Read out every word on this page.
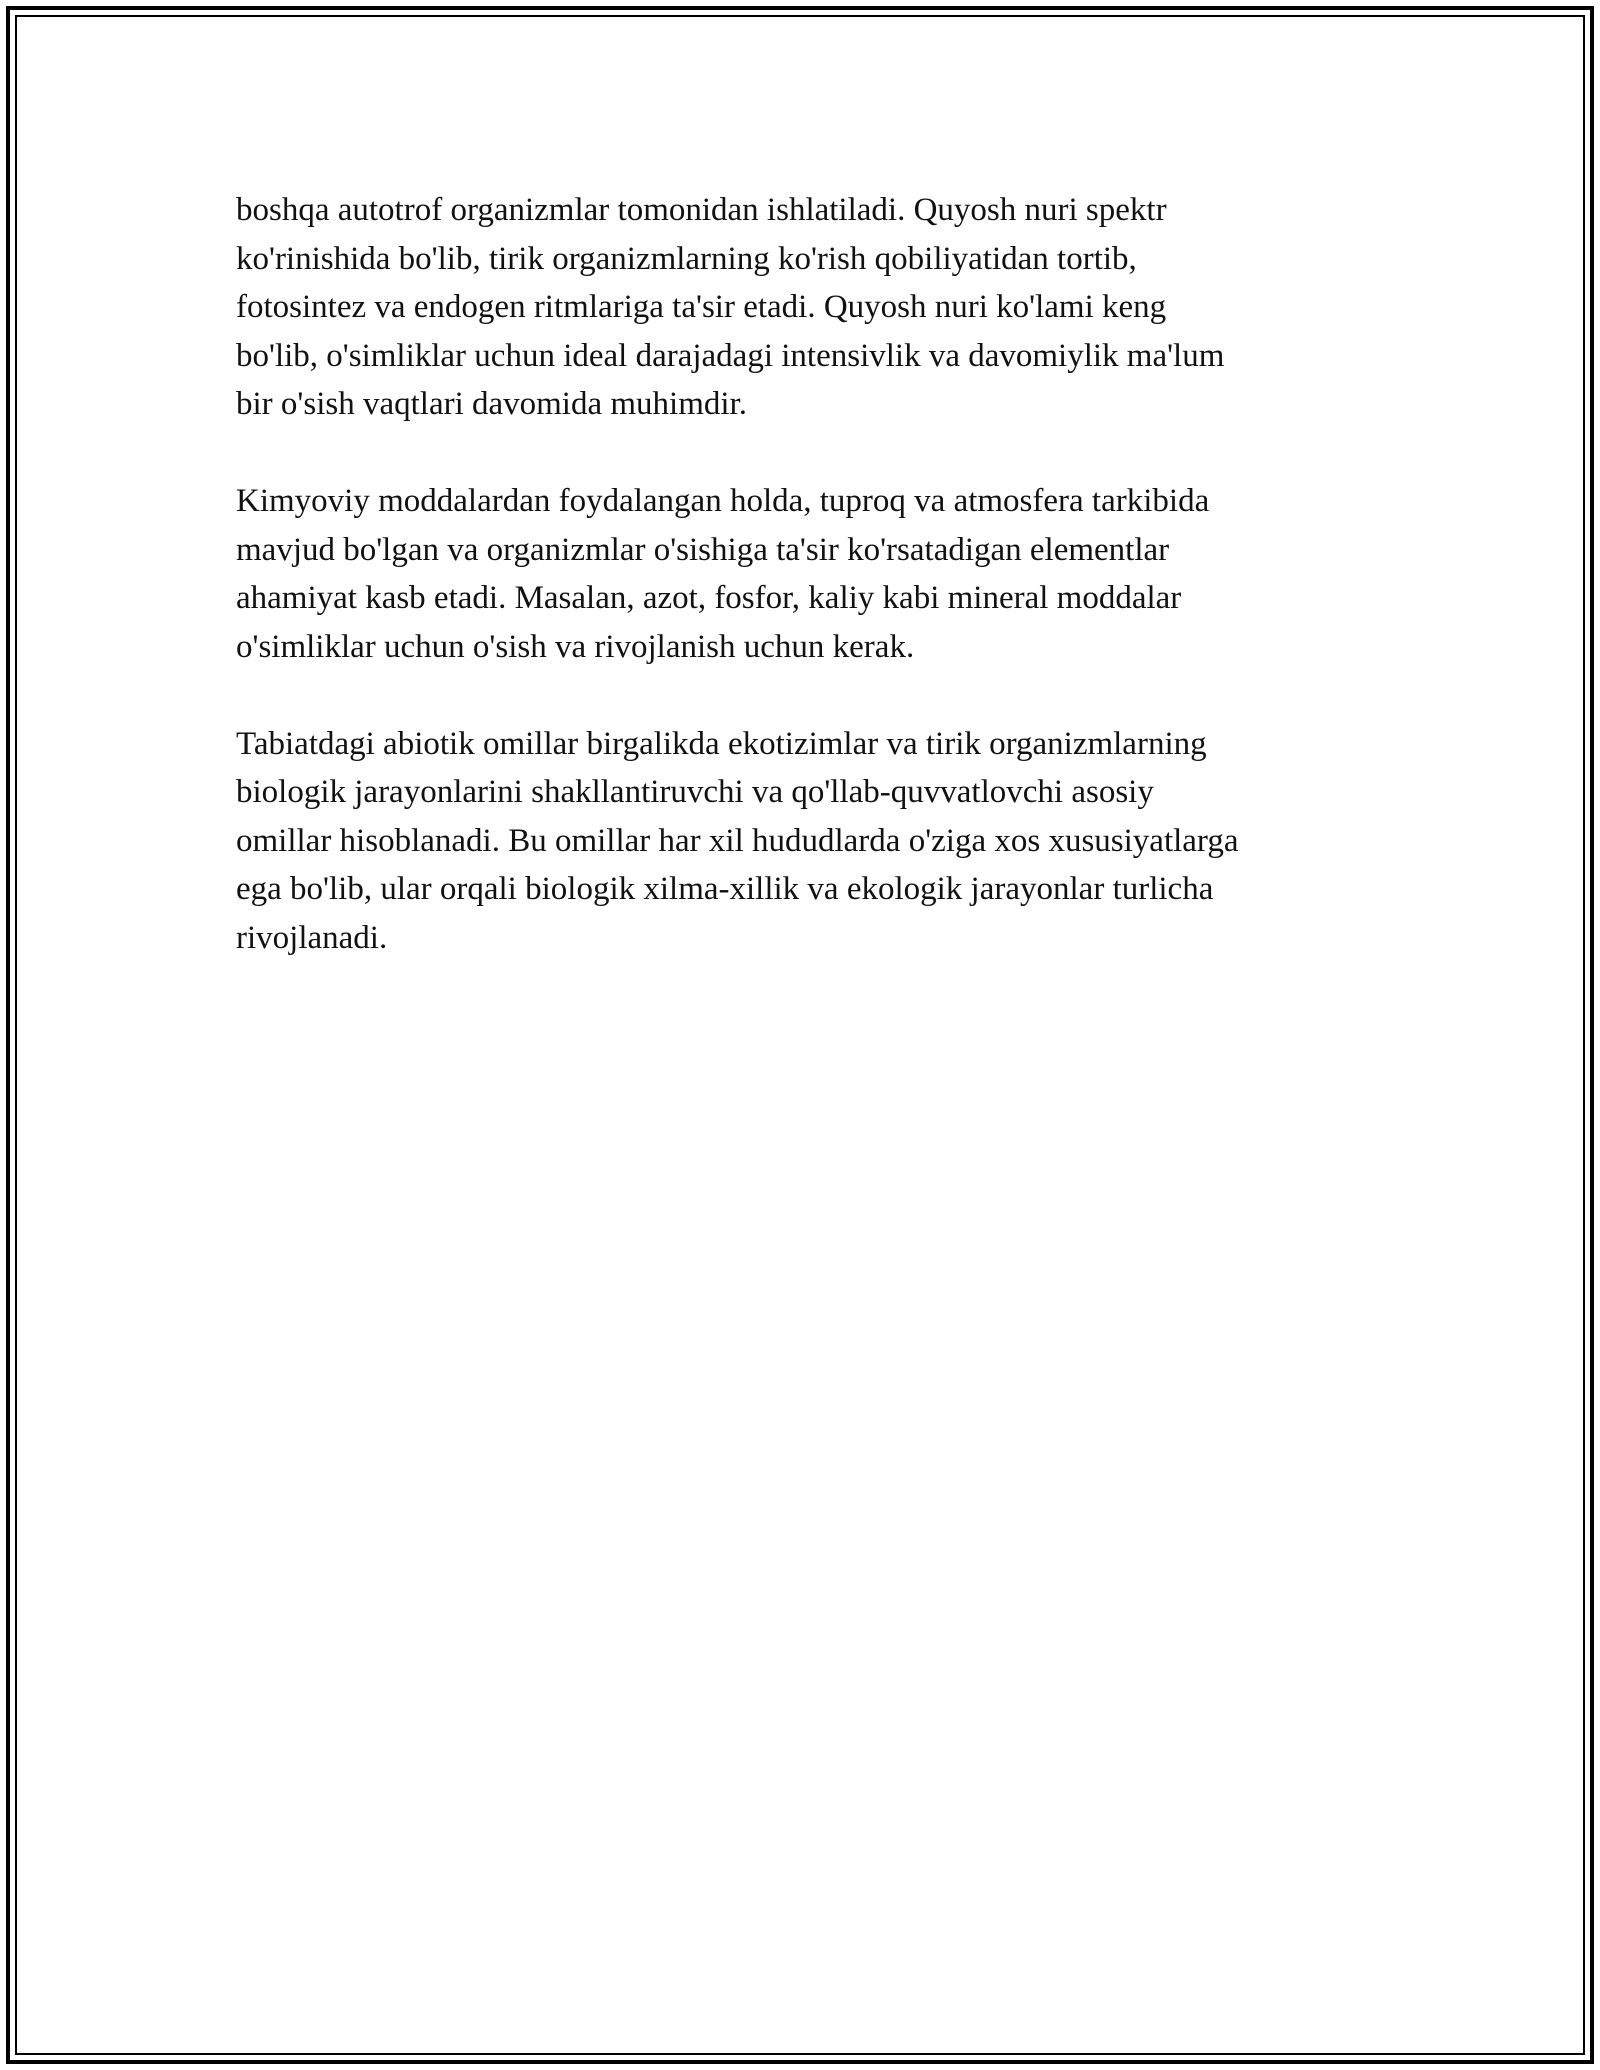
boshqa autotrof organizmlar tomonidan ishlatiladi. Quyosh nuri spektr
ko'rinishida bo'lib, tirik organizmlarning ko'rish qobiliyatidan tortib,
fotosintez va endogen ritmlariga ta'sir etadi. Quyosh nuri ko'lami keng
bo'lib, o'simliklar uchun ideal darajadagi intensivlik va davomiylik ma'lum
bir o'sish vaqtlari davomida muhimdir.

Kimyoviy moddalardan foydalangan holda, tuproq va atmosfera tarkibida
mavjud bo'lgan va organizmlar o'sishiga ta'sir ko'rsatadigan elementlar
ahamiyat kasb etadi. Masalan, azot, fosfor, kaliy kabi mineral moddalar
o'simliklar uchun o'sish va rivojlanish uchun kerak.

Tabiatdagi abiotik omillar birgalikda ekotizimlar va tirik organizmlarning
biologik jarayonlarini shakllantiruvchi va qo'llab-quvvatlovchi asosiy
omillar hisoblanadi. Bu omillar har xil hududlarda o'ziga xos xususiyatlarga
ega bo'lib, ular orqali biologik xilma-xillik va ekologik jarayonlar turlicha
rivojlanadi.
